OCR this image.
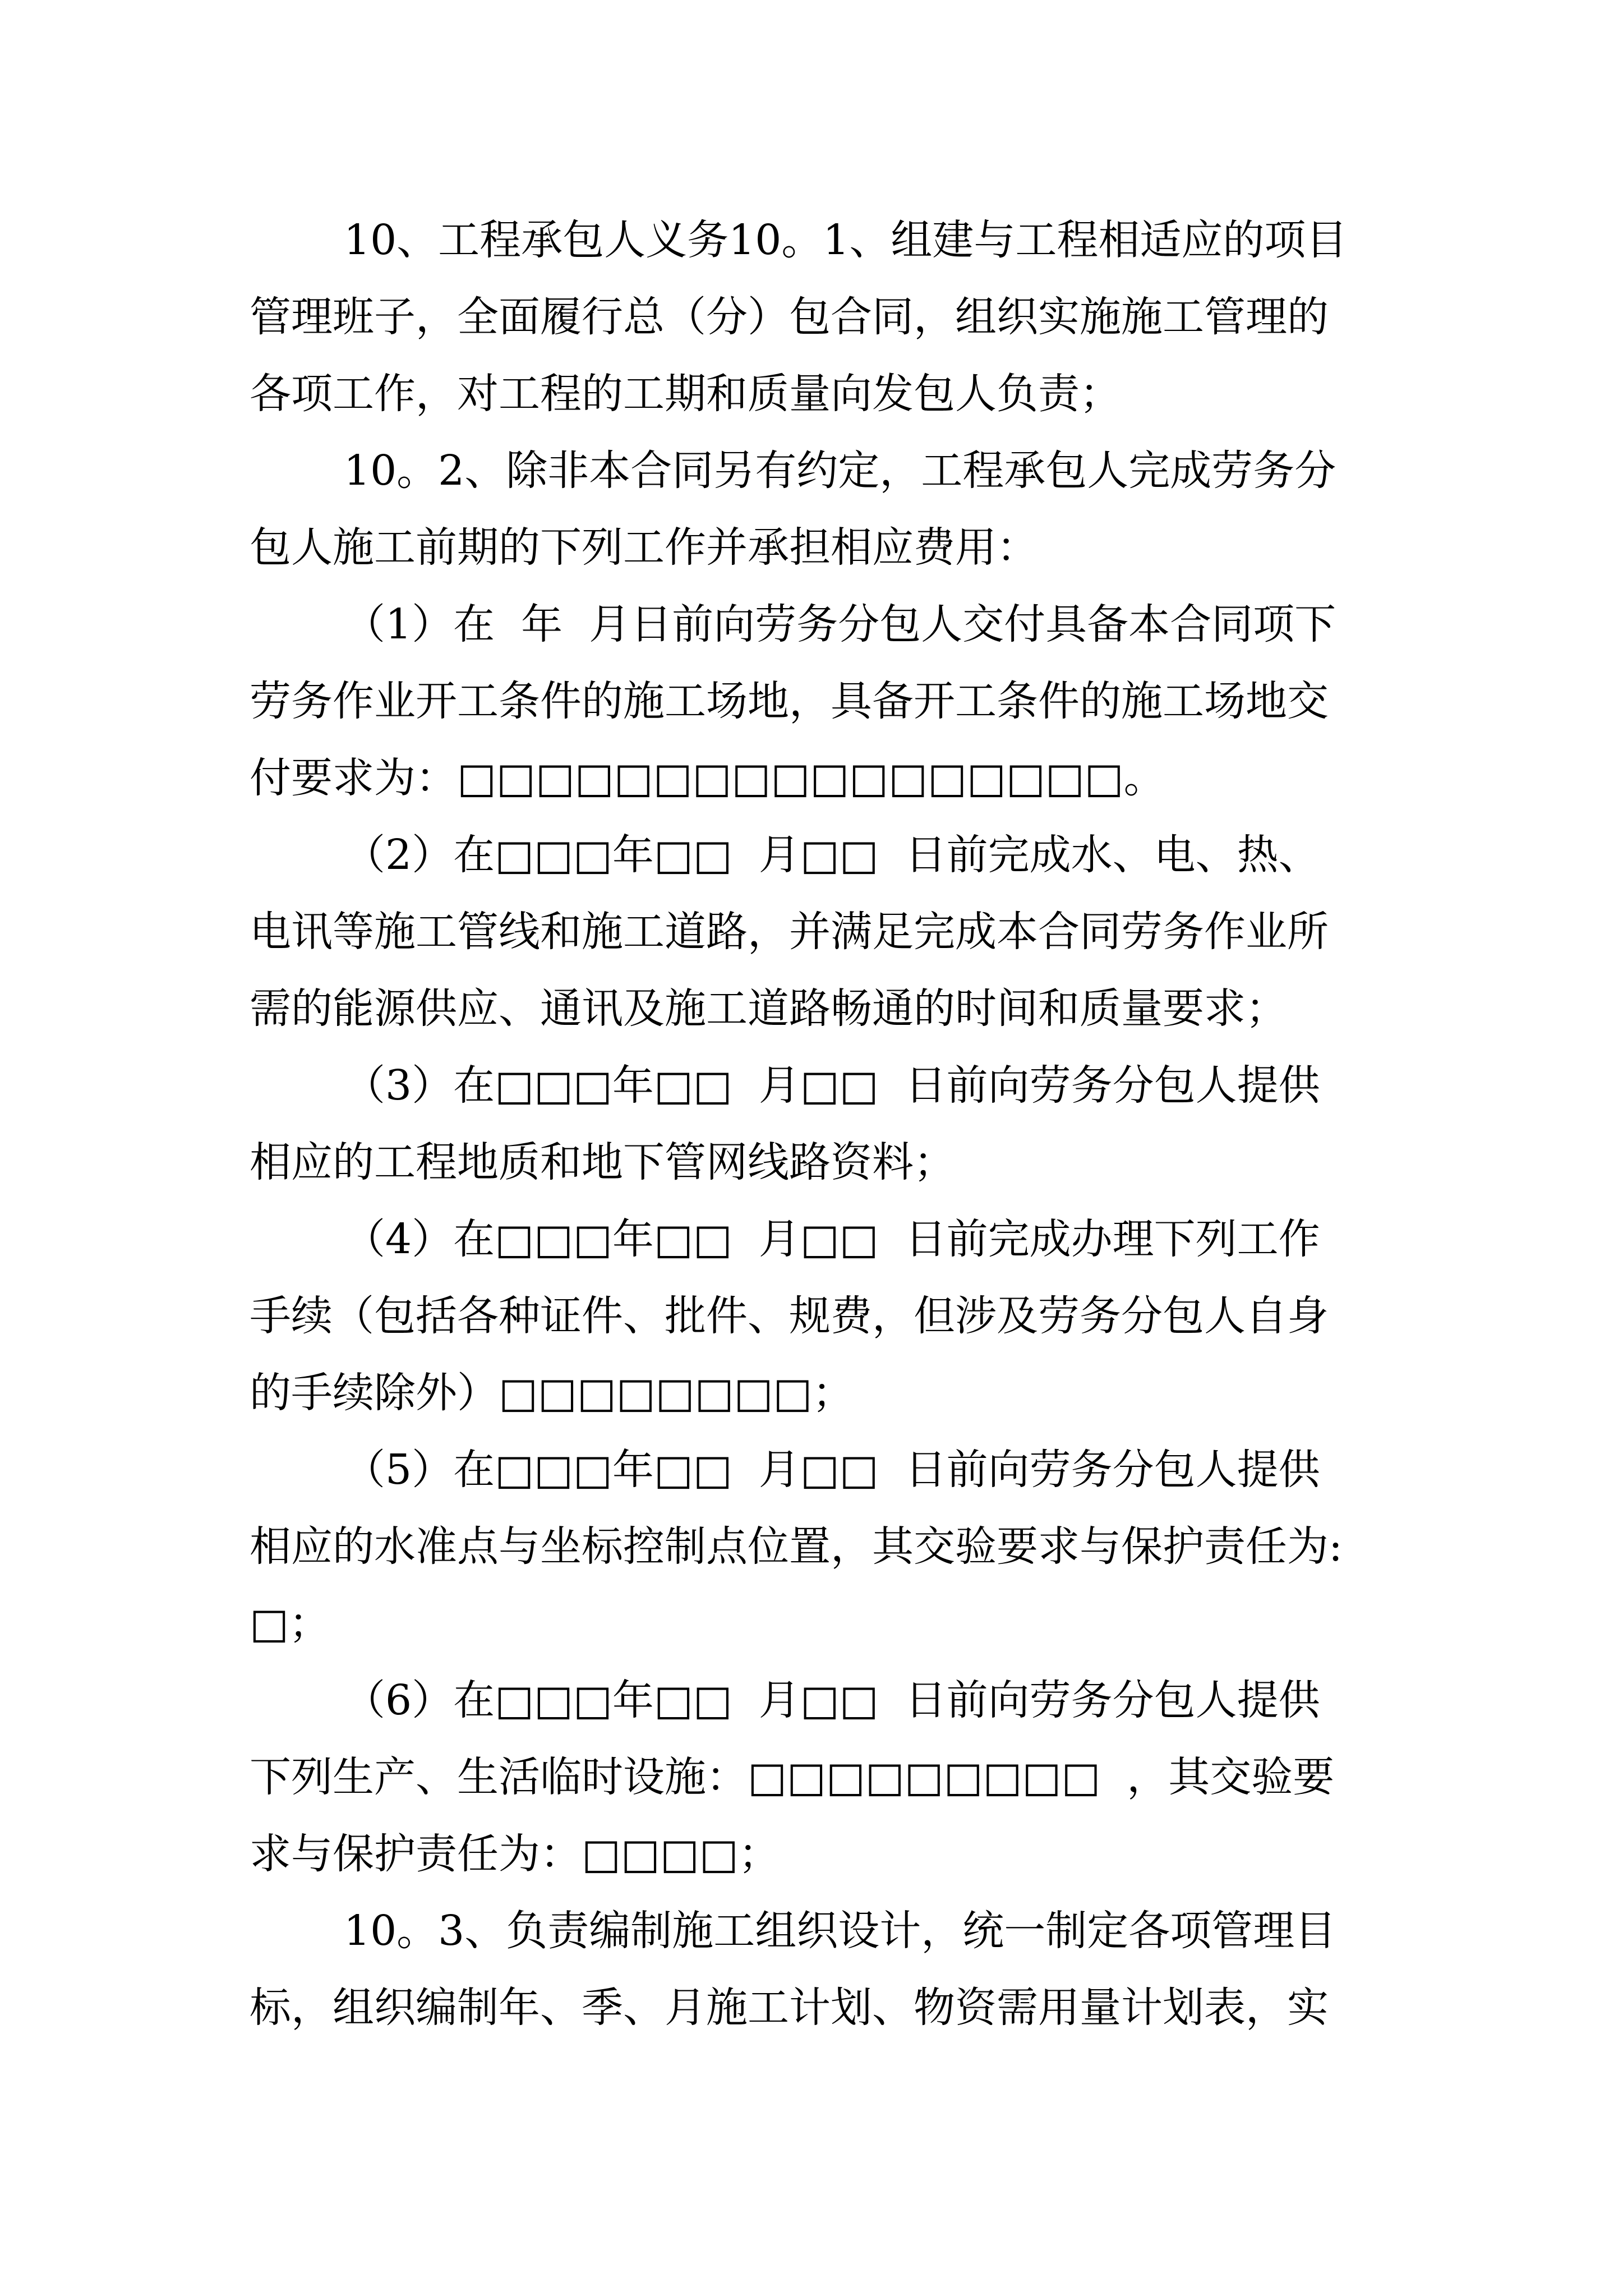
10、工程承包人义务10。1、组建与工程相适应的项目
管理班子，全面履行总（分）包合同，组织实施施工管理的
各项工作，对工程的工期和质量向发包人负责；
10。2、除非本合同另有约定，工程承包人完成劳务分
包人施工前期的下列工作并承担相应费用：
（1）在  年  月日前向劳务分包人交付具备本合同项下
劳务作业开工条件的施工场地，具备开工条件的施工场地交
付要求为：□□□□□□□□□□□□□□□□□。
（2）在□□□年□□  月□□  日前完成水、电、热、
电讯等施工管线和施工道路，并满足完成本合同劳务作业所
需的能源供应、通讯及施工道路畅通的时间和质量要求；
（3）在□□□年□□  月□□  日前向劳务分包人提供
相应的工程地质和地下管网线路资料；
（4）在□□□年□□  月□□  日前完成办理下列工作
手续（包括各种证件、批件、规费，但涉及劳务分包人自身
的手续除外）□□□□□□□□；
（5）在□□□年□□  月□□  日前向劳务分包人提供
相应的水准点与坐标控制点位置，其交验要求与保护责任为:
□；
（6）在□□□年□□  月□□  日前向劳务分包人提供
下列生产、生活临时设施：□□□□□□□□□  ，其交验要
求与保护责任为：□□□□；
10。3、负责编制施工组织设计，统一制定各项管理目
标，组织编制年、季、月施工计划、物资需用量计划表，实
